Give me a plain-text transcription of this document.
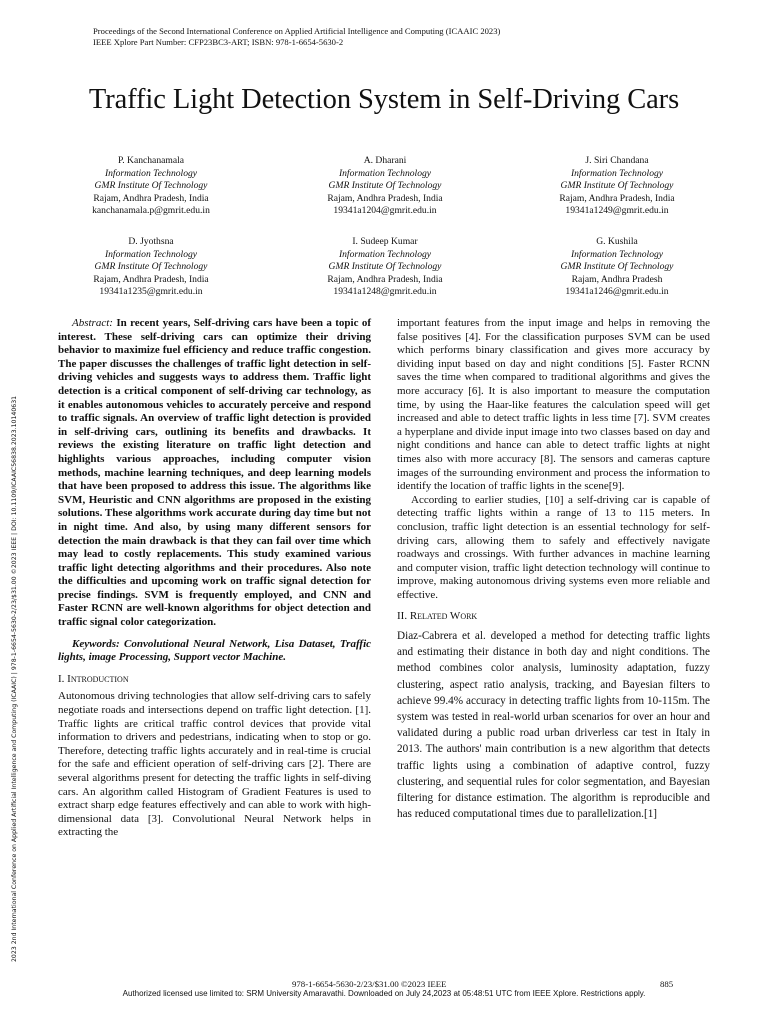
Proceedings of the Second International Conference on Applied Artificial Intelligence and Computing (ICAAIC 2023)
IEEE Xplore Part Number: CFP23BC3-ART; ISBN: 978-1-6654-5630-2
Traffic Light Detection System in Self-Driving Cars
2023 2nd International Conference on Applied Artificial Intelligence and Computing (ICAAIC) | 978-1-6654-5630-2/23/$31.00 ©2023 IEEE | DOI: 10.1109/ICAAIC56838.2023.10140631
P. Kanchanamala
Information Technology
GMR Institute Of Technology
Rajam, Andhra Pradesh, India
kanchanamala.p@gmrit.edu.in
A. Dharani
Information Technology
GMR Institute Of Technology
Rajam, Andhra Pradesh, India
19341a1204@gmrit.edu.in
J. Siri Chandana
Information Technology
GMR Institute Of Technology
Rajam, Andhra Pradesh, India
19341a1249@gmrit.edu.in
D. Jyothsna
Information Technology
GMR Institute Of Technology
Rajam, Andhra Pradesh, India
19341a1235@gmrit.edu.in
I. Sudeep Kumar
Information Technology
GMR Institute Of Technology
Rajam, Andhra Pradesh, India
19341a1248@gmrit.edu.in
G. Kushila
Information Technology
GMR Institute Of Technology
Rajam, Andhra Pradesh
19341a1246@gmrit.edu.in

Abstract: In recent years, Self-driving cars have been a topic of interest. These self-driving cars can optimize their driving behavior to maximize fuel efficiency and reduce traffic congestion. The paper discusses the challenges of traffic light detection in self-driving vehicles and suggests ways to address them. Traffic light detection is a critical component of self-driving car technology, as it enables autonomous vehicles to accurately perceive and respond to traffic signals. An overview of traffic light detection is provided in self-driving cars, outlining its benefits and drawbacks. It reviews the existing literature on traffic light detection and highlights various approaches, including computer vision methods, machine learning techniques, and deep learning models that have been proposed to address this issue. The algorithms like SVM, Heuristic and CNN algorithms are proposed in the existing solutions. These algorithms work accurate during day time but not in night time. And also, by using many different sensors for detection the main drawback is that they can fail over time which may lead to costly replacements. This study examined various traffic light detecting algorithms and their procedures. Also note the difficulties and upcoming work on traffic signal detection for precise findings. SVM is frequently employed, and CNN and Faster RCNN are well-known algorithms for object detection and traffic signal color categorization.

Keywords: Convolutional Neural Network, Lisa Dataset, Traffic lights, image Processing, Support vector Machine.

I. Introduction

Autonomous driving technologies that allow self-driving cars to safely negotiate roads and intersections depend on traffic light detection. [1]. Traffic lights are critical traffic control devices that provide vital information to drivers and pedestrians, indicating when to stop or go. Therefore, detecting traffic lights accurately and in real-time is crucial for the safe and efficient operation of self-driving cars [2]. There are several algorithms present for detecting the traffic lights in self-diving cars. An algorithm called Histogram of Gradient Features is used to extract sharp edge features effectively and can able to work with high-dimensional data [3]. Convolutional Neural Network helps in extracting the

important features from the input image and helps in removing the false positives [4]. For the classification purposes SVM can be used which performs binary classification and gives more accuracy by dividing input based on day and night conditions [5]. Faster RCNN saves the time when compared to traditional algorithms and gives the more accuracy [6]. It is also important to measure the computation time, by using the Haar-like features the calculation speed will get increased and able to detect traffic lights in less time [7]. SVM creates a hyperplane and divide input image into two classes based on day and night conditions and hance can able to detect traffic lights at night times also with more accuracy [8]. The sensors and cameras capture images of the surrounding environment and process the information to identify the location of traffic lights in the scene[9].

According to earlier studies, [10] a self-driving car is capable of detecting traffic lights within a range of 13 to 115 meters. In conclusion, traffic light detection is an essential technology for self-driving cars, allowing them to safely and effectively navigate roadways and crossings. With further advances in machine learning and computer vision, traffic light detection technology will continue to improve, making autonomous driving systems even more reliable and effective.

II. Related Work

Diaz-Cabrera et al. developed a method for detecting traffic lights and estimating their distance in both day and night conditions. The method combines color analysis, luminosity adaptation, fuzzy clustering, aspect ratio analysis, tracking, and Bayesian filters to achieve 99.4% accuracy in detecting traffic lights from 10-115m. The system was tested in real-world urban scenarios for over an hour and validated during a public road urban driverless car test in Italy in 2013. The authors' main contribution is a new algorithm that detects traffic lights using a combination of adaptive control, fuzzy clustering, and sequential rules for color segmentation, and Bayesian filtering for distance estimation. The algorithm is reproducible and has reduced computational times due to parallelization.[1]

978-1-6654-5630-2/23/$31.00 ©2023 IEEE	885
Authorized licensed use limited to: SRM University Amaravathi. Downloaded on July 24,2023 at 05:48:51 UTC from IEEE Xplore. Restrictions apply.
